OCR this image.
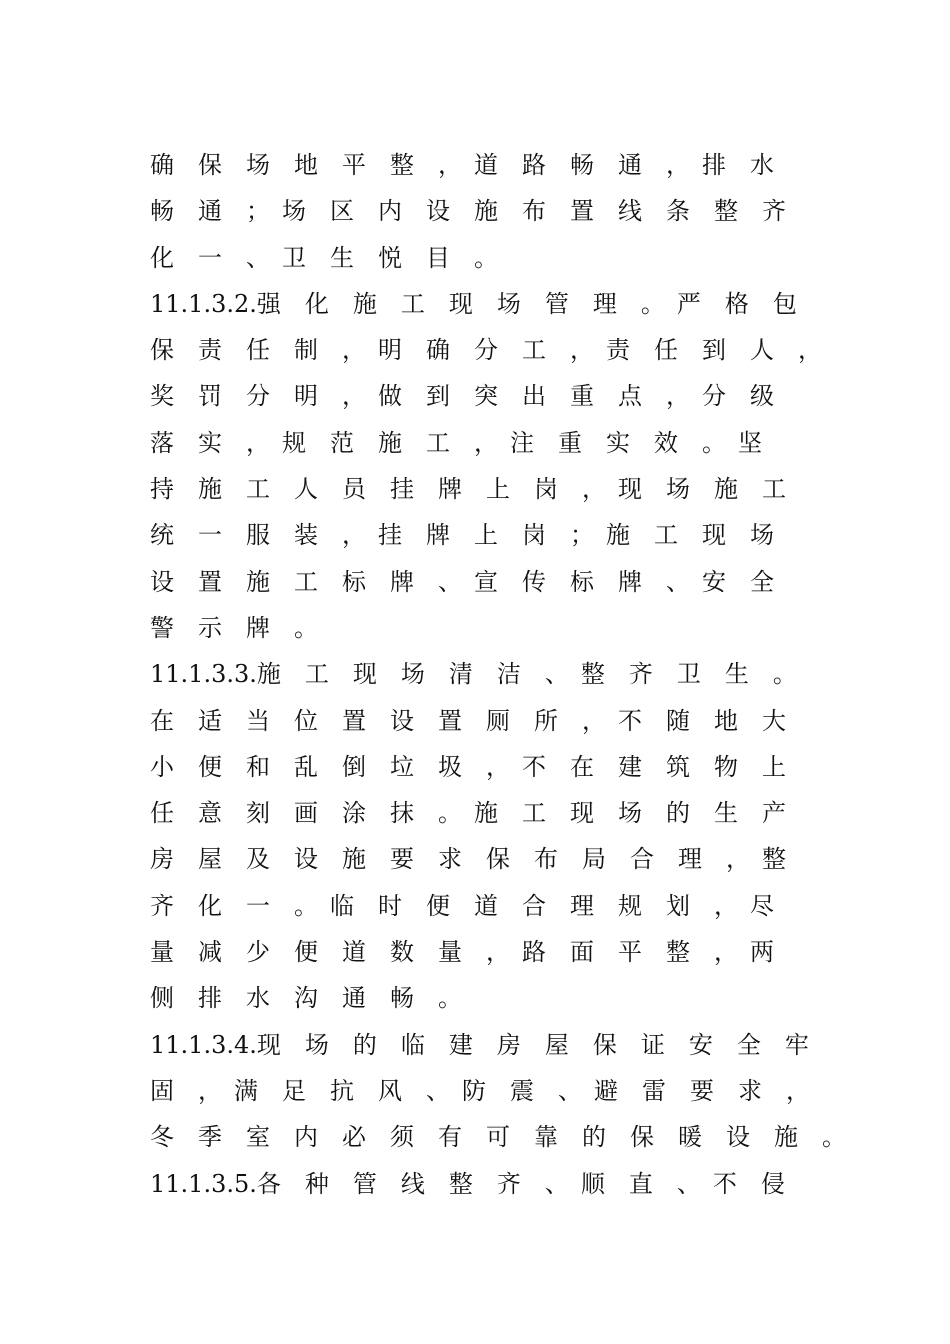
确　保　场　地　平　整　，　道　路　畅　通　，　排　水
畅　通　；　场　区　内　设　施　布　置　线　条　整　齐
化　一　、　卫　生　悦　目　。
11.1.3.2.强　化　施　工　现　场　管　理　。　严　格　包
保　责　任　制　，　明　确　分　工　，　责　任　到　人　，
奖　罚　分　明　，　做　到　突　出　重　点　，　分　级
落　实　，　规　范　施　工　，　注　重　实　效　。　坚
持　施　工　人　员　挂　牌　上　岗　，　现　场　施　工
统　一　服　装　，　挂　牌　上　岗　；　施　工　现　场
设　置　施　工　标　牌　、　宣　传　标　牌　、　安　全
警　示　牌　。
11.1.3.3.施　工　现　场　清　洁　、　整　齐　卫　生　。
在　适　当　位　置　设　置　厕　所　，　不　随　地　大
小　便　和　乱　倒　垃　圾　，　不　在　建　筑　物　上
任　意　刻　画　涂　抹　。　施　工　现　场　的　生　产
房　屋　及　设　施　要　求　保　布　局　合　理　，　整
齐　化　一　。　临　时　便　道　合　理　规　划　，　尽
量　减　少　便　道　数　量　，　路　面　平　整　，　两
侧　排　水　沟　通　畅　。
11.1.3.4.现　场　的　临　建　房　屋　保　证　安　全　牢
固　，　满　足　抗　风　、　防　震　、　避　雷　要　求　，
冬　季　室　内　必　须　有　可　靠　的　保　暖　设　施　。
11.1.3.5.各　种　管　线　整　齐　、　顺　直　、　不　侵
